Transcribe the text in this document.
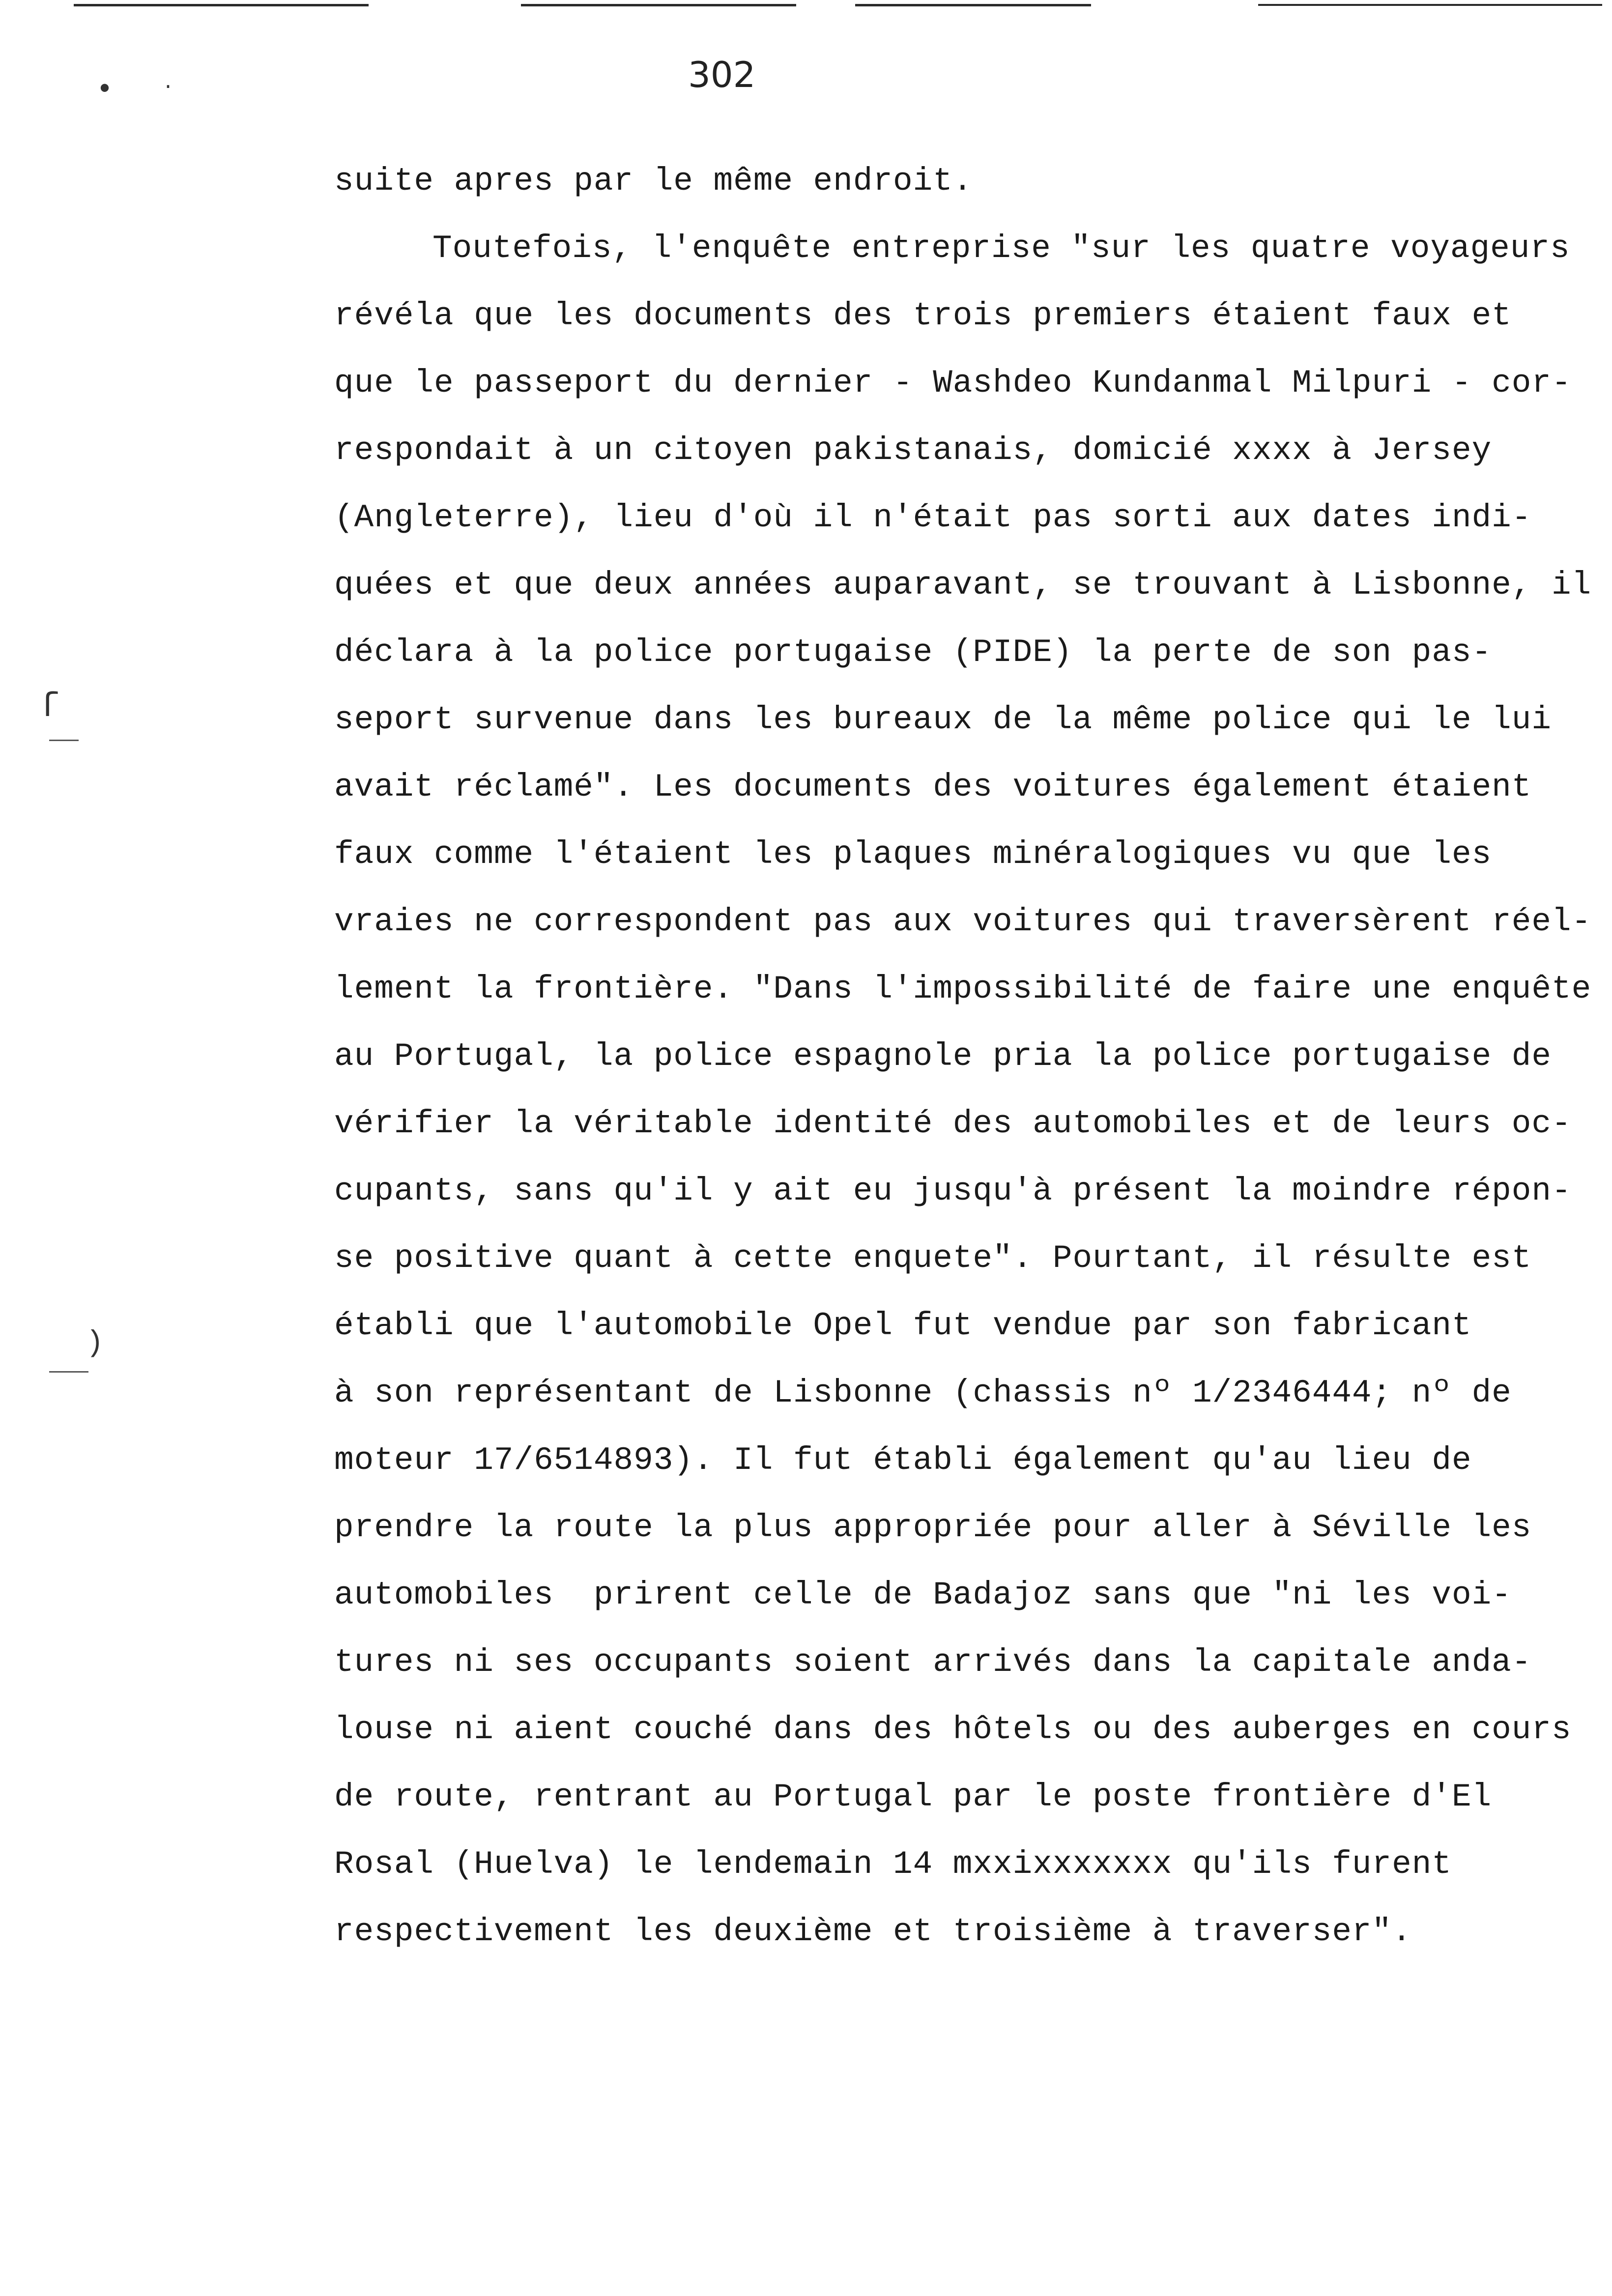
• ·
ſ
)
302
suite apres par le même endroit.
Toutefois, l'enquête entreprise "sur les quatre voyageurs
révéla que les documents des trois premiers étaient faux et
que le passeport du dernier - Washdeo Kundanmal Milpuri - cor-
respondait à un citoyen pakistanais, domicié xxxx à Jersey
(Angleterre), lieu d'où il n'était pas sorti aux dates indi-
quées et que deux années auparavant, se trouvant à Lisbonne, il
déclara à la police portugaise (PIDE) la perte de son pas-
seport survenue dans les bureaux de la même police qui le lui
avait réclamé". Les documents des voitures également étaient
faux comme l'étaient les plaques minéralogiques vu que les
vraies ne correspondent pas aux voitures qui traversèrent réel-
lement la frontière. "Dans l'impossibilité de faire une enquête
au Portugal, la police espagnole pria la police portugaise de
vérifier la véritable identité des automobiles et de leurs oc-
cupants, sans qu'il y ait eu jusqu'à présent la moindre répon-
se positive quant à cette enquete". Pourtant, il résulte est
établi que l'automobile Opel fut vendue par son fabricant
à son représentant de Lisbonne (chassis nº 1/2346444; nº de
moteur 17/6514893). Il fut établi également qu'au lieu de
prendre la route la plus appropriée pour aller à Séville les
automobiles  prirent celle de Badajoz sans que "ni les voi-
tures ni ses occupants soient arrivés dans la capitale anda-
louse ni aient couché dans des hôtels ou des auberges en cours
de route, rentrant au Portugal par le poste frontière d'El
Rosal (Huelva) le lendemain 14 mxxixxxxxxx qu'ils furent
respectivement les deuxième et troisième à traverser".
